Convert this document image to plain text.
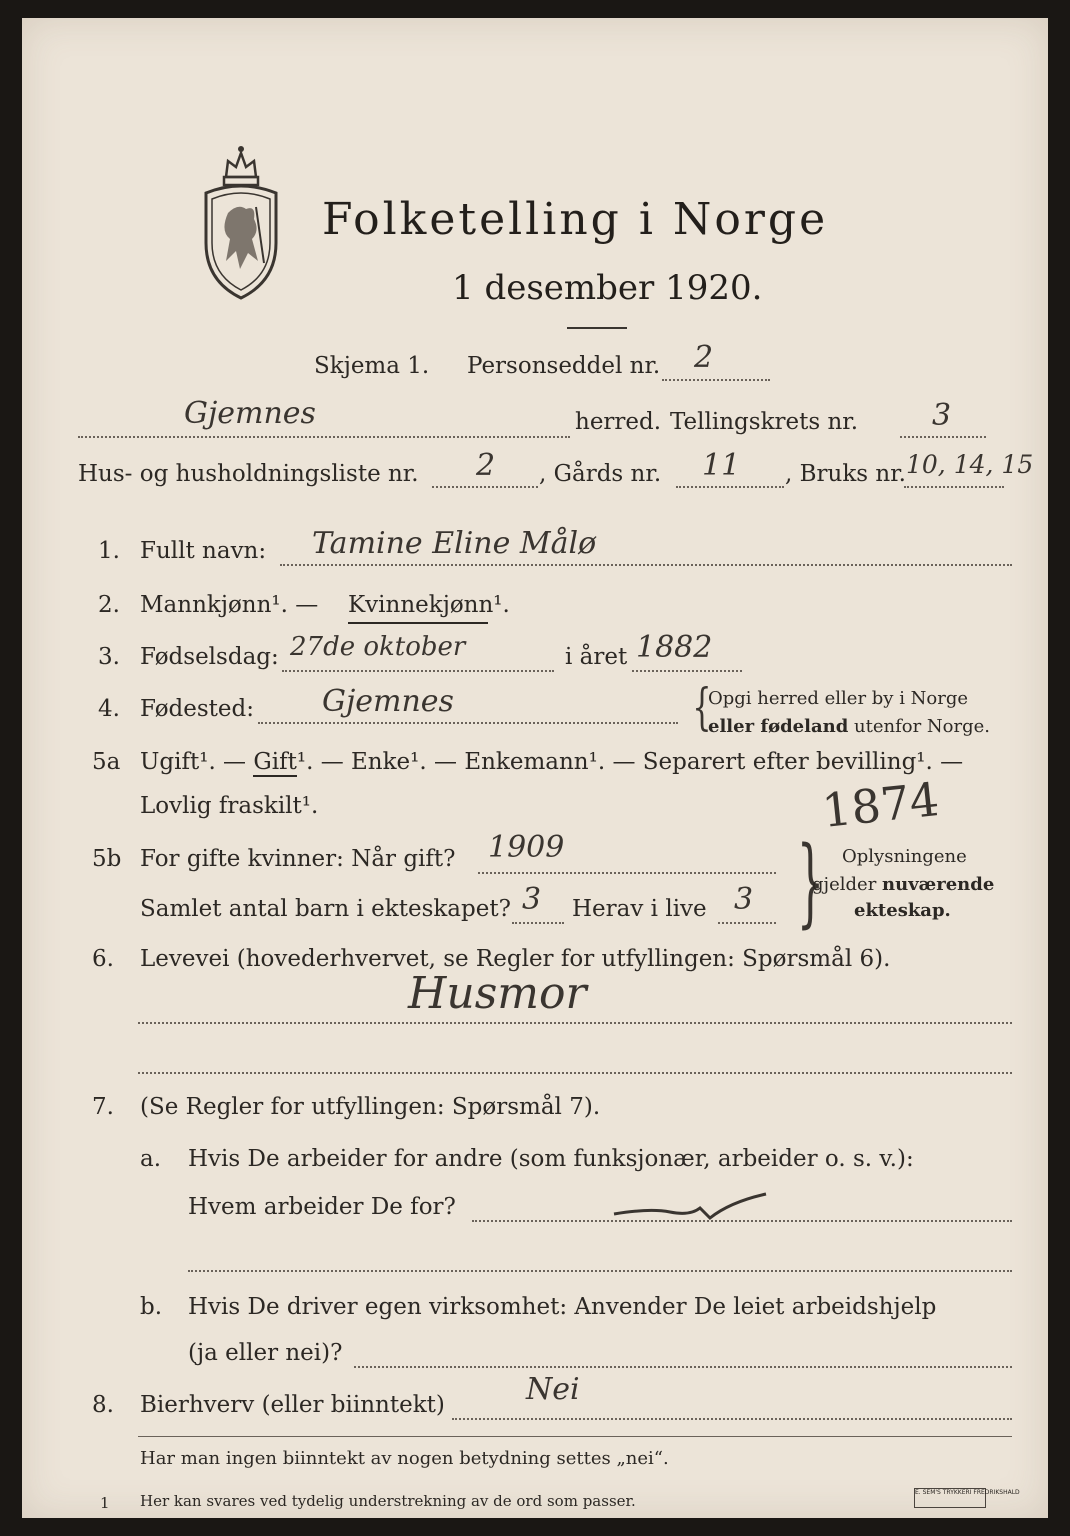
Folketelling i Norge
1 desember 1920.
Skjema 1. Personseddel nr. 2
Gjemnes	herred. Tellingskrets nr. 3
Hus- og husholdningsliste nr. 2 , Gårds nr. 11 , Bruks nr. 10, 14, 15
1. Fullt navn: Tamine Eline Målø
2. Mannkjønn¹. — Kvinnekjønn¹.
3. Fødselsdag: 27de oktober	i året 1882
4. Fødested: Gjemnes	{
Opgi herred eller by i Norge
eller fødeland utenfor Norge.
5a Ugift¹. — Gift¹. — Enke¹. — Enkemann¹. — Separert efter bevilling¹. —
Lovlig fraskilt¹.	1874
5b For gifte kvinner: Når gift? 1909
Samlet antal barn i ekteskapet? 3 Herav i live 3 } Oplysningene
gjelder nuværende
ekteskap.
6. Levevei (hovederhvervet, se Regler for utfyllingen: Spørsmål 6).
Husmor
7. (Se Regler for utfyllingen: Spørsmål 7).
a. Hvis De arbeider for andre (som funksjonær, arbeider o. s. v.):
Hvem arbeider De for?
b. Hvis De driver egen virksomhet: Anvender De leiet arbeidshjelp
(ja eller nei)?
8. Bierhverv (eller biinntekt)	Nei
Har man ingen biinntekt av nogen betydning settes „nei“.
1 Her kan svares ved tydelig understrekning av de ord som passer.	E. SEM'S TRYKKERI FREDRIKSHALD
